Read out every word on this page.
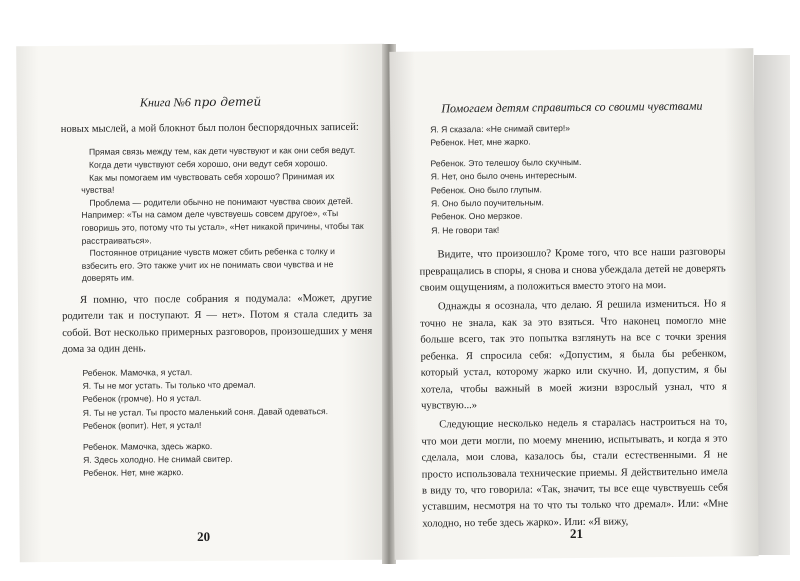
Книга №6 про детей

новых мыслей, а мой блокнот был полон беспорядочных записей:

Прямая связь между тем, как дети чувствуют и как они себя ведут.
Когда дети чувствуют себя хорошо, они ведут себя хорошо.
Как мы помогаем им чувствовать себя хорошо? Принимая их чувства!
Проблема — родители обычно не понимают чувства своих детей. Например: «Ты на самом деле чувствуешь совсем другое», «Ты говоришь это, потому что ты устал», «Нет никакой причины, чтобы так расстраиваться».
Постоянное отрицание чувств может сбить ребенка с толку и взбесить его. Это также учит их не понимать свои чувства и не доверять им.

Я помню, что после собрания я подумала: «Может, другие родители так и поступают. Я — нет». Потом я стала следить за собой. Вот несколько примерных разговоров, произошедших у меня дома за один день.

Ребенок. Мамочка, я устал.
Я. Ты не мог устать. Ты только что дремал.
Ребенок (громче). Но я устал.
Я. Ты не устал. Ты просто маленький соня. Давай одеваться.
Ребенок (вопит). Нет, я устал!
Ребенок. Мамочка, здесь жарко.
Я. Здесь холодно. Не снимай свитер.
Ребенок. Нет, мне жарко.
20
Помогаем детям справиться со своими чувствами
Я. Я сказала: «Не снимай свитер!»
Ребенок. Нет, мне жарко.
Ребенок. Это телешоу было скучным.
Я. Нет, оно было очень интересным.
Ребенок. Оно было глупым.
Я. Оно было поучительным.
Ребенок. Оно мерзкое.
Я. Не говори так!

Видите, что произошло? Кроме того, что все наши разговоры превращались в споры, я снова и снова убеждала детей не доверять своим ощущениям, а положиться вместо этого на мои.

Однажды я осознала, что делаю. Я решила измениться. Но я точно не знала, как за это взяться. Что наконец помогло мне больше всего, так это попытка взглянуть на все с точки зрения ребенка. Я спросила себя: «Допустим, я была бы ребенком, который устал, которому жарко или скучно. И, допустим, я бы хотела, чтобы важный в моей жизни взрослый узнал, что я чувствую...»

Следующие несколько недель я старалась настроиться на то, что мои дети могли, по моему мнению, испытывать, и когда я это сделала, мои слова, казалось бы, стали естественными. Я не просто использовала технические приемы. Я действительно имела в виду то, что говорила: «Так, значит, ты все еще чувствуешь себя уставшим, несмотря на то что ты только что дремал». Или: «Мне холодно, но тебе здесь жарко». Или: «Я вижу,

21
